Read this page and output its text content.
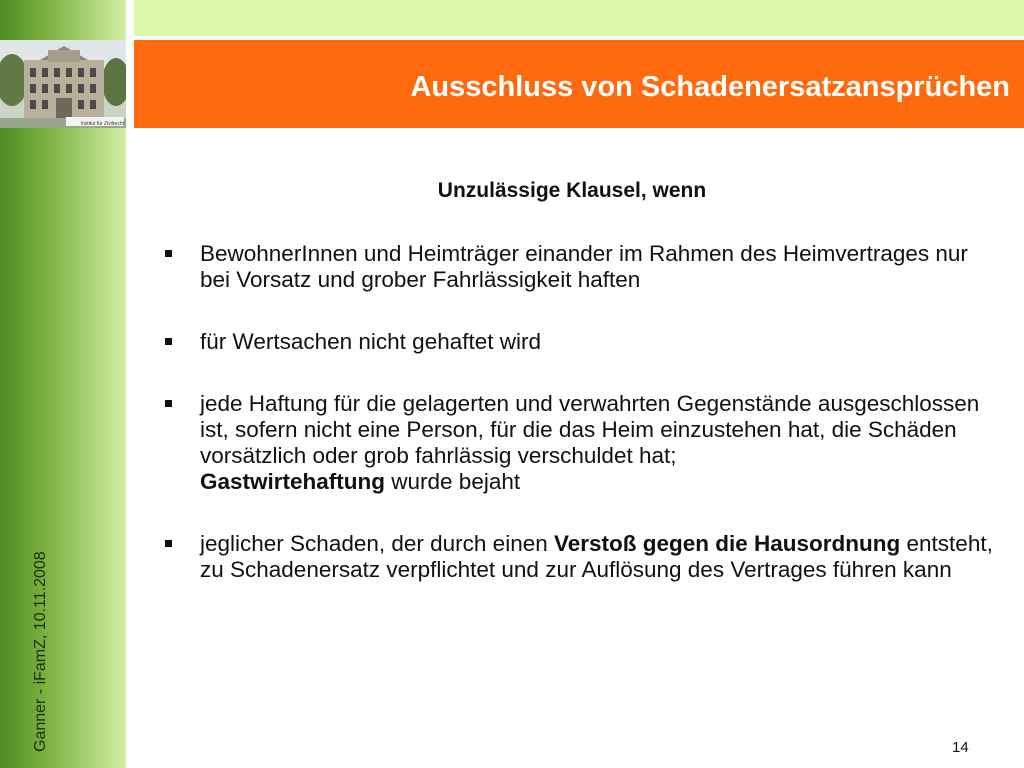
Institut für Zivilrecht
Ausschluss von Schadenersatzansprüchen
Ganner - iFamZ, 10.11.2008
Unzulässige Klausel, wenn
BewohnerInnen und Heimträger einander im Rahmen des Heimvertrages nur bei Vorsatz und grober Fahrlässigkeit haften
für Wertsachen nicht gehaftet wird
jede Haftung für die gelagerten und verwahrten Gegenstände ausgeschlossen ist, sofern nicht eine Person, für die das Heim einzustehen hat, die Schäden vorsätzlich oder grob fahrlässig verschuldet hat;
Gastwirtehaftung wurde bejaht
jeglicher Schaden, der durch einen Verstoß gegen die Hausordnung entsteht, zu Schadenersatz verpflichtet und zur Auflösung des Vertrages führen kann
14
